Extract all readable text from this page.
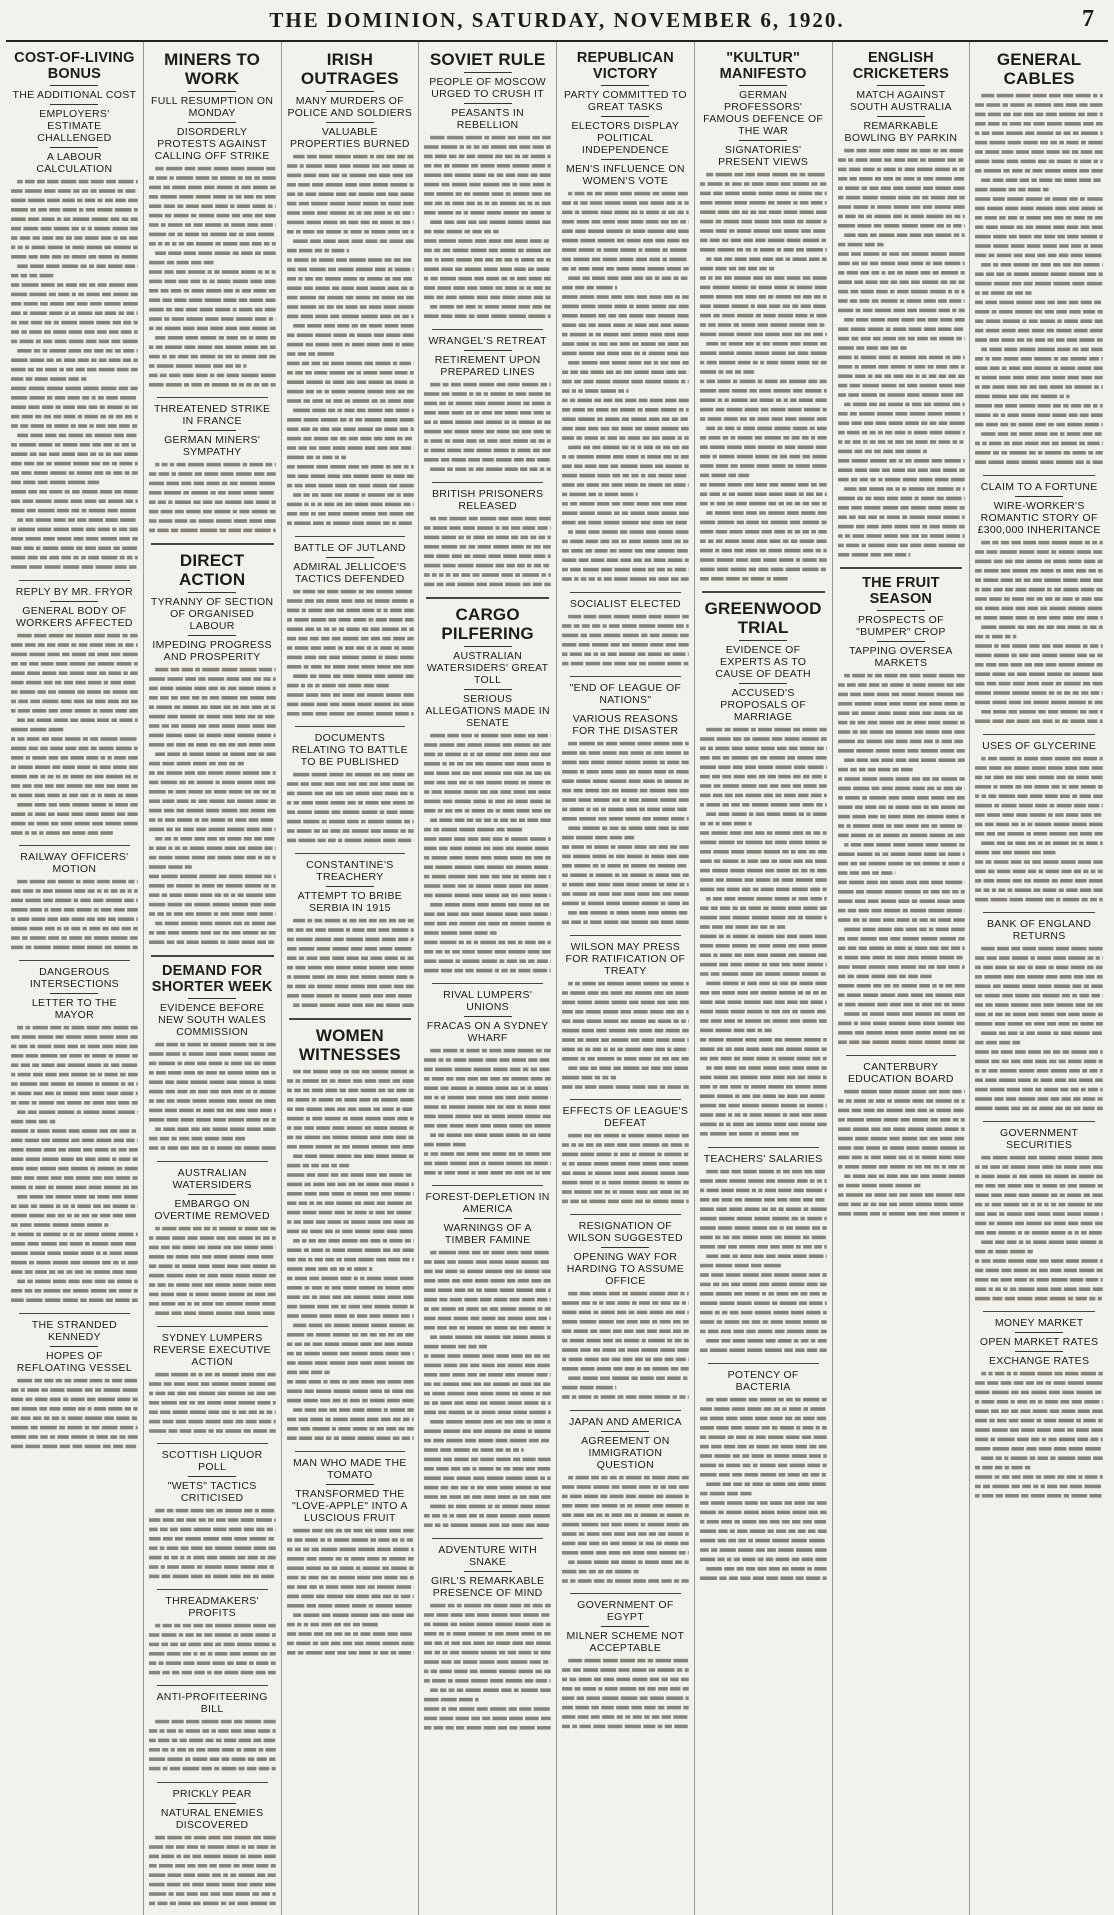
THE DOMINION, SATURDAY, NOVEMBER 6, 1920.	7
COST-OF-LIVING BONUS
THE ADDITIONAL COST
EMPLOYERS' ESTIMATE CHALLENGED
A LABOUR CALCULATION
REPLY BY MR. FRYOR
GENERAL BODY OF WORKERS AFFECTED
RAILWAY OFFICERS' MOTION
DANGEROUS INTERSECTIONS
LETTER TO THE MAYOR
THE STRANDED KENNEDY
HOPES OF REFLOATING VESSEL
MINERS TO WORK
FULL RESUMPTION ON MONDAY
DISORDERLY PROTESTS AGAINST CALLING OFF STRIKE
THREATENED STRIKE IN FRANCE
GERMAN MINERS' SYMPATHY
DIRECT ACTION
TYRANNY OF SECTION OF ORGANISED LABOUR
IMPEDING PROGRESS AND PROSPERITY
DEMAND FOR SHORTER WEEK
EVIDENCE BEFORE NEW SOUTH WALES COMMISSION
AUSTRALIAN WATERSIDERS
EMBARGO ON OVERTIME REMOVED
SYDNEY LUMPERS REVERSE EXECUTIVE ACTION
SCOTTISH LIQUOR POLL
"WETS" TACTICS CRITICISED
THREADMAKERS' PROFITS
ANTI-PROFITEERING BILL
PRICKLY PEAR
NATURAL ENEMIES DISCOVERED
IRISH OUTRAGES
MANY MURDERS OF POLICE AND SOLDIERS
VALUABLE PROPERTIES BURNED
BATTLE OF JUTLAND
ADMIRAL JELLICOE'S TACTICS DEFENDED
DOCUMENTS RELATING TO BATTLE TO BE PUBLISHED
CONSTANTINE'S TREACHERY
ATTEMPT TO BRIBE SERBIA IN 1915
WOMEN WITNESSES
MAN WHO MADE THE TOMATO
TRANSFORMED THE "LOVE-APPLE" INTO A LUSCIOUS FRUIT
SOVIET RULE
PEOPLE OF MOSCOW URGED TO CRUSH IT
PEASANTS IN REBELLION
WRANGEL'S RETREAT
RETIREMENT UPON PREPARED LINES
BRITISH PRISONERS RELEASED
CARGO PILFERING
AUSTRALIAN WATERSIDERS' GREAT TOLL
SERIOUS ALLEGATIONS MADE IN SENATE
RIVAL LUMPERS' UNIONS
FRACAS ON A SYDNEY WHARF
FOREST-DEPLETION IN AMERICA
WARNINGS OF A TIMBER FAMINE
ADVENTURE WITH SNAKE
GIRL'S REMARKABLE PRESENCE OF MIND
REPUBLICAN VICTORY
PARTY COMMITTED TO GREAT TASKS
ELECTORS DISPLAY POLITICAL INDEPENDENCE
MEN'S INFLUENCE ON WOMEN'S VOTE
SOCIALIST ELECTED
"END OF LEAGUE OF NATIONS"
VARIOUS REASONS FOR THE DISASTER
WILSON MAY PRESS FOR RATIFICATION OF TREATY
EFFECTS OF LEAGUE'S DEFEAT
RESIGNATION OF WILSON SUGGESTED
OPENING WAY FOR HARDING TO ASSUME OFFICE
JAPAN AND AMERICA
AGREEMENT ON IMMIGRATION QUESTION
GOVERNMENT OF EGYPT
MILNER SCHEME NOT ACCEPTABLE
"KULTUR" MANIFESTO
GERMAN PROFESSORS' FAMOUS DEFENCE OF THE WAR
SIGNATORIES' PRESENT VIEWS
GREENWOOD TRIAL
EVIDENCE OF EXPERTS AS TO CAUSE OF DEATH
ACCUSED'S PROPOSALS OF MARRIAGE
TEACHERS' SALARIES
POTENCY OF BACTERIA
ENGLISH CRICKETERS
MATCH AGAINST SOUTH AUSTRALIA
REMARKABLE BOWLING BY PARKIN
THE FRUIT SEASON
PROSPECTS OF "BUMPER" CROP
TAPPING OVERSEA MARKETS
CANTERBURY EDUCATION BOARD
GENERAL CABLES
CLAIM TO A FORTUNE
WIRE-WORKER'S ROMANTIC STORY OF £300,000 INHERITANCE
USES OF GLYCERINE
BANK OF ENGLAND RETURNS
GOVERNMENT SECURITIES
MONEY MARKET
OPEN MARKET RATES
EXCHANGE RATES
